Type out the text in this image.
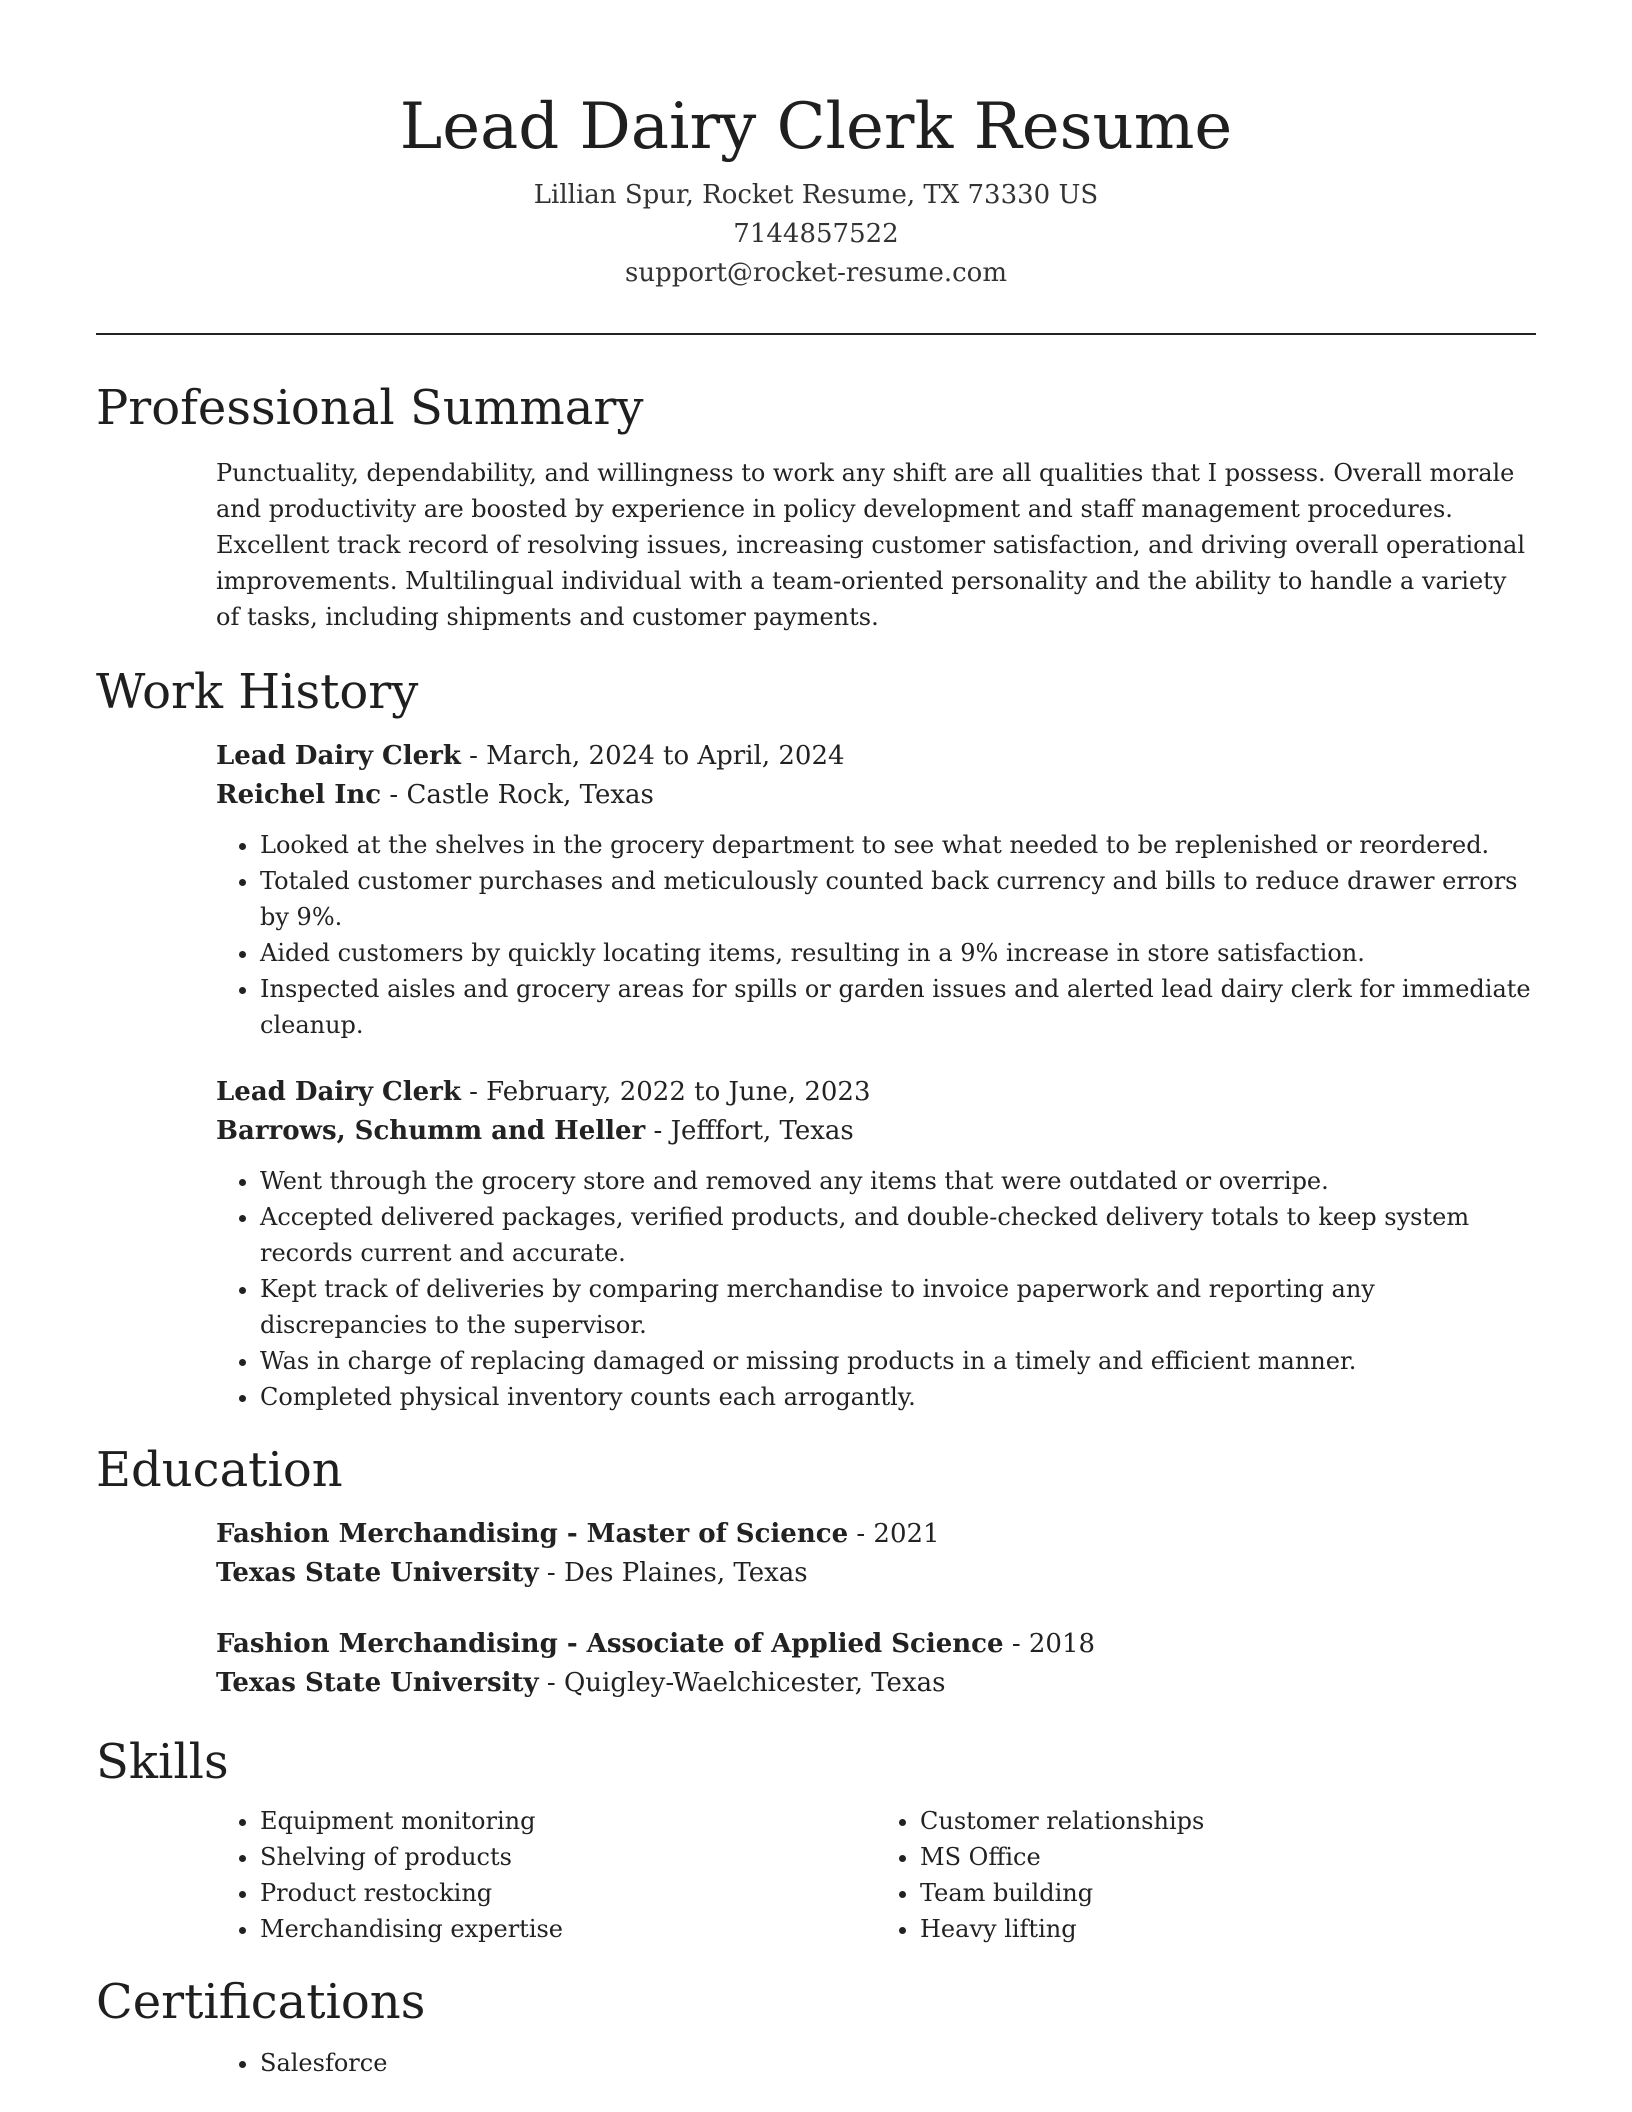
Lead Dairy Clerk Resume
Lillian Spur, Rocket Resume, TX 73330 US
7144857522
support@rocket-resume.com
Professional Summary

Punctuality, dependability, and willingness to work any shift are all qualities that I possess. Overall morale and productivity are boosted by experience in policy development and staff management procedures. Excellent track record of resolving issues, increasing customer satisfaction, and driving overall operational improvements. Multilingual individual with a team-oriented personality and the ability to handle a variety of tasks, including shipments and customer payments.

Work History

Lead Dairy Clerk - March, 2024 to April, 2024

Reichel Inc - Castle Rock, Texas

• Looked at the shelves in the grocery department to see what needed to be replenished or reordered.
• Totaled customer purchases and meticulously counted back currency and bills to reduce drawer errors by 9%.
• Aided customers by quickly locating items, resulting in a 9% increase in store satisfaction.
• Inspected aisles and grocery areas for spills or garden issues and alerted lead dairy clerk for immediate cleanup.

Lead Dairy Clerk - February, 2022 to June, 2023

Barrows, Schumm and Heller - Jefffort, Texas

• Went through the grocery store and removed any items that were outdated or overripe.
• Accepted delivered packages, verified products, and double-checked delivery totals to keep system records current and accurate.
• Kept track of deliveries by comparing merchandise to invoice paperwork and reporting any discrepancies to the supervisor.
• Was in charge of replacing damaged or missing products in a timely and efficient manner.
• Completed physical inventory counts each arrogantly.
Education

Fashion Merchandising - Master of Science - 2021

Texas State University - Des Plaines, Texas

Fashion Merchandising - Associate of Applied Science - 2018

Texas State University - Quigley-Waelchicester, Texas

Skills
• Equipment monitoring
• Shelving of products
• Product restocking
• Merchandising expertise
• Customer relationships
• MS Office
• Team building
• Heavy lifting
Certifications
• Salesforce
